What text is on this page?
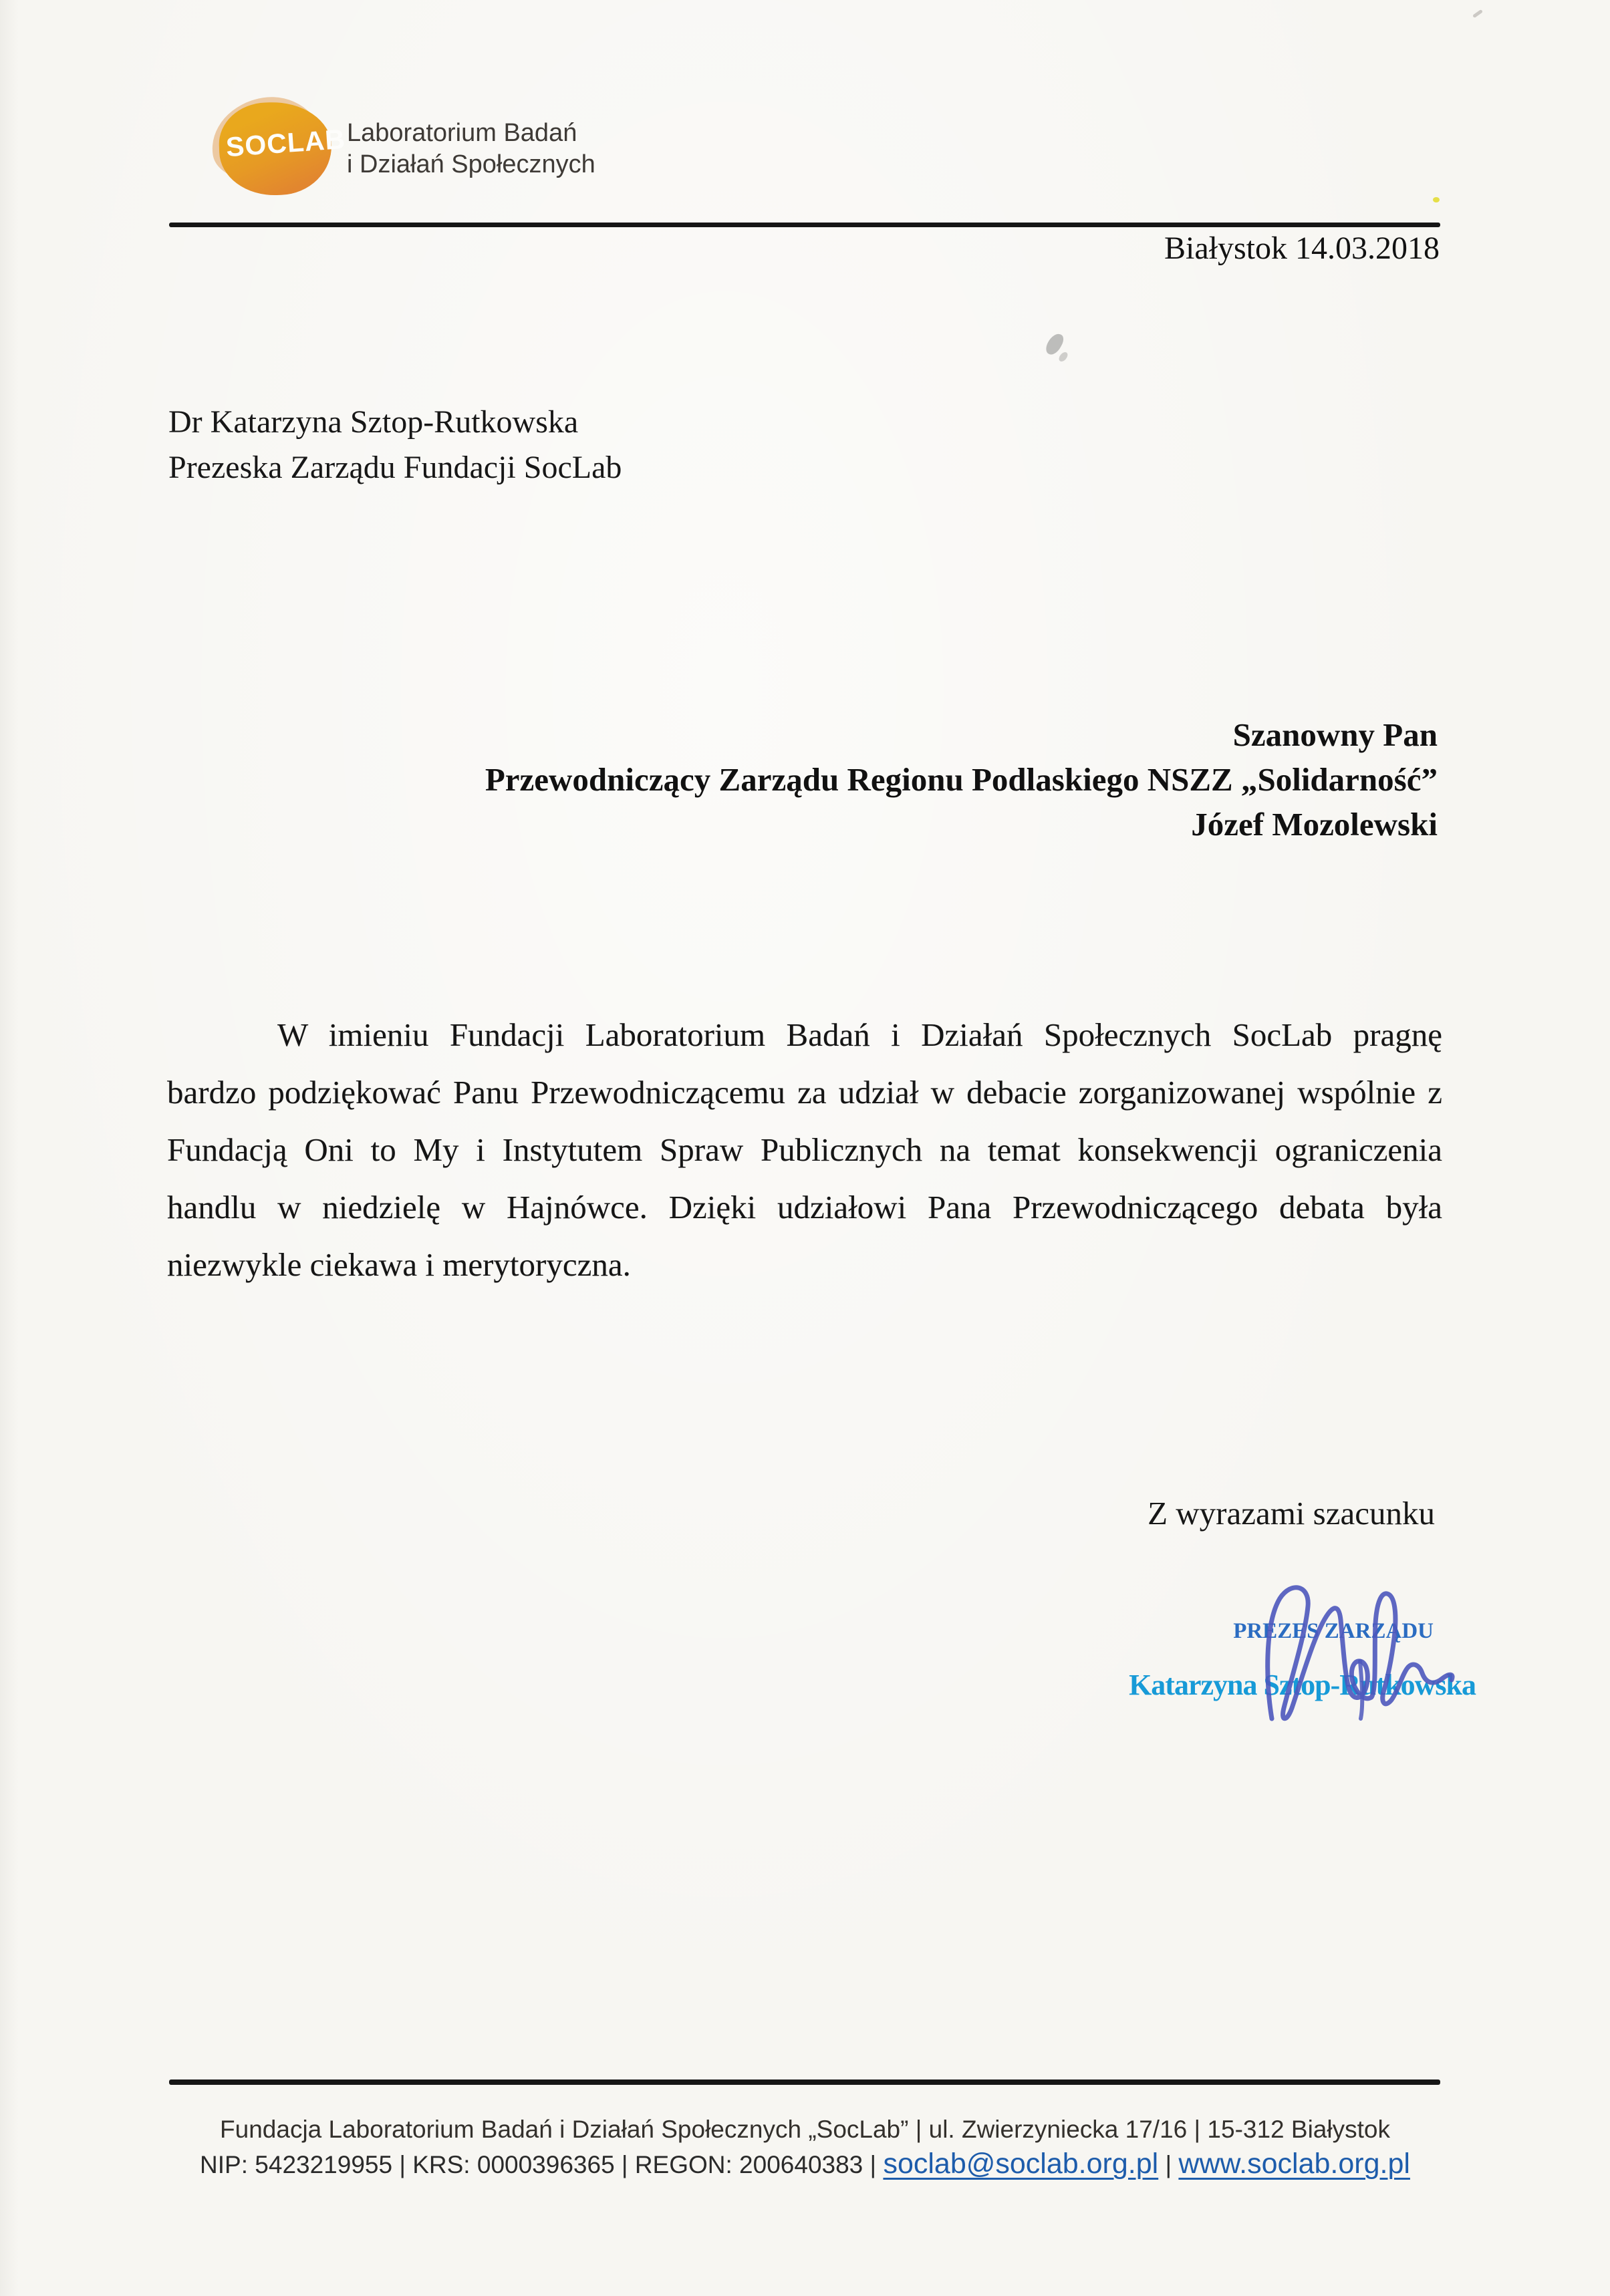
SOCLAB Laboratorium Badań
i Działań Społecznych
Białystok 14.03.2018
Dr Katarzyna Sztop-Rutkowska
Prezeska Zarządu Fundacji SocLab
Szanowny Pan
Przewodniczący Zarządu Regionu Podlaskiego NSZZ „Solidarność”
Józef Mozolewski
W imieniu Fundacji Laboratorium Badań i Działań Społecznych SocLab pragnę
bardzo podziękować Panu Przewodniczącemu za udział w debacie zorganizowanej wspólnie z
Fundacją Oni to My i Instytutem Spraw Publicznych na temat konsekwencji ograniczenia
handlu w niedzielę w Hajnówce. Dzięki udziałowi Pana Przewodniczącego debata była
niezwykle ciekawa i merytoryczna.
Z wyrazami szacunku
PREZES ZARZĄDU
Katarzyna Sztop-Rutkowska
Fundacja Laboratorium Badań i Działań Społecznych „SocLab” | ul. Zwierzyniecka 17/16 | 15-312 Białystok
NIP: 5423219955 | KRS: 0000396365 | REGON: 200640383 | soclab@soclab.org.pl | www.soclab.org.pl
